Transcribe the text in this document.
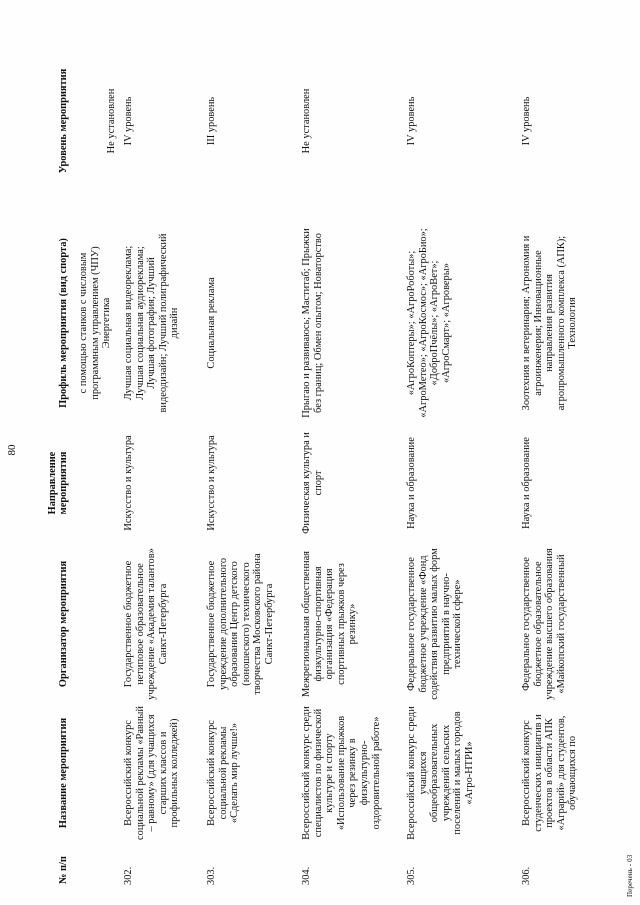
80
№ п/п	Название мероприятия	Организатор мероприятия	Направление мероприятия	Профиль мероприятия (вид спорта)	Уровень мероприятия

				с помощью станков с числовым программным управлением (ЧПУ) Энергетика	Не установлен
302.	Всероссийский конкурс социальной рекламы «Равный – равному» (для учащихся старших классов и профильных колледжей)	Государственное бюджетное нетиповое образовательное учреждение «Академия талантов» Санкт-Петербурга	Искусство и культура	Лучшая социальная видеореклама; Лучшая социальная аудиореклама; Лучшая фотография; Лучший видеодизайн; Лучший полиграфический дизайн	IV уровень
303.	Всероссийский конкурс социальной рекламы «Сделать мир лучше!»	Государственное бюджетное учреждение дополнительного образования Центр детского (юношеского) технического творчества Московского района Санкт-Петербурга	Искусство и культура	Социальная реклама	III уровень
304.	Всероссийский конкурс среди специалистов по физической культуре и спорту «Использование прыжков через резинку в физкультурно-оздоровительной работе»	Межрегиональная общественная физкультурно-спортивная организация «Федерация спортивных прыжков через резинку»	Физическая культура и спорт	Прыгаю и развиваюсь; Маститаб; Прыжки без границ; Обмен опытом; Новаторство	Не установлен
305.	Всероссийский конкурс среди учащихся общеобразовательных учреждений сельских поселений и малых городов «Агро-НТРИ»	Федеральное государственное бюджетное учреждение «Фонд содействия развитию малых форм предприятий в научно-технической сфере»	Наука и образование	«АгроКоптеры»; «АгроРоботы»; «АгроМетео»; «АгроКосмос»; «АгроБио»; «ДоброПчёлы»; «АгроВет»; «АгроСмарт»; «Агроверы»	IV уровень
306.	Всероссийский конкурс студенческих инициатив и проектов в области АПК «Аграрий» для студентов, обучающихся по	Федеральное государственное бюджетное образовательное учреждение высшего образования «Майкопский государственный	Наука и образование	Зоотехния и ветеринария; Агрономия и агроинженерия; Инновационные направления развития агропромышленного комплекса (АПК); Технология	IV уровень
Перечень - 03
